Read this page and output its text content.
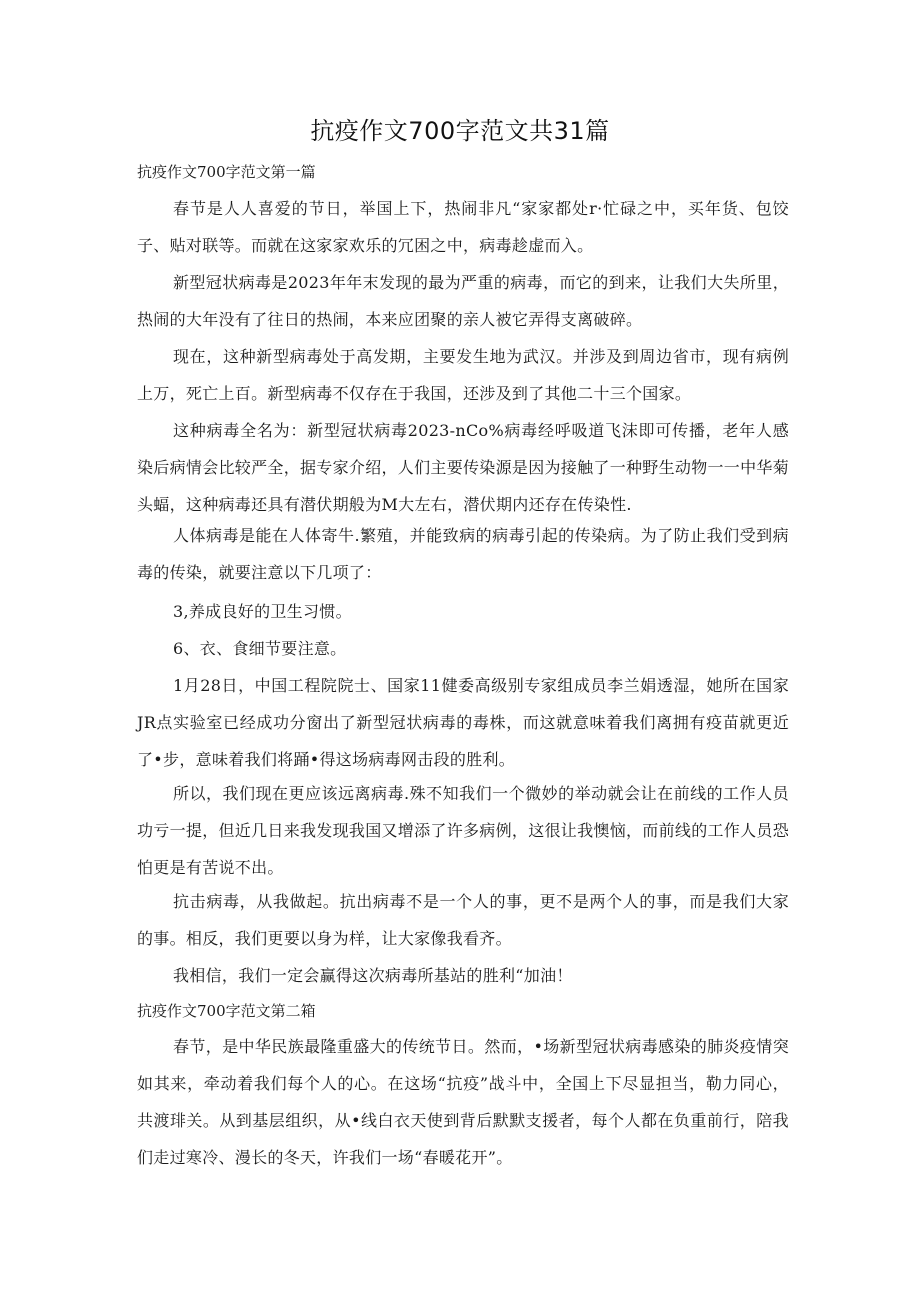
抗疫作文700字范文共31篇
抗疫作文700字范文第一篇
春节是人人喜爱的节日，举国上下，热闹非凡“家家都处r·忙碌之中，买年货、包饺子、贴对联等。而就在这家家欢乐的冗困之中，病毒趁虚而入。
新型冠状病毒是2023年年末发现的最为严重的病毒，而它的到来，让我们大失所里，热闹的大年没有了往日的热闹，本来应团聚的亲人被它弄得支离破碎。
现在，这种新型病毒处于高发期，主要发生地为武汉。并涉及到周边省市，现有病例上万，死亡上百。新型病毒不仅存在于我国，还涉及到了其他二十三个国家。
这种病毒全名为：新型冠状病毒2023-nCo%病毒经呼吸道飞沫即可传播，老年人感染后病情会比较严全，据专家介绍，人们主要传染源是因为接触了一种野生动物一一中华菊头蝠，这种病毒还具有潜伏期般为M大左右，潜伏期内还存在传染性.
人体病毒是能在人体寄牛.繁殖，并能致病的病毒引起的传染病。为了防止我们受到病毒的传染，就要注意以下几项了：
3,养成良好的卫生习惯。
6、衣、食细节要注意。
1月28日，中国工程院院士、国家11健委高级别专家组成员李兰娟透湿，她所在国家JR点实验室已经成功分窗出了新型冠状病毒的毒株，而这就意味着我们离拥有疫苗就更近了•步，意味着我们将踊•得这场病毒网击段的胜利。
所以，我们现在更应该远离病毒.殊不知我们一个微妙的举动就会让在前线的工作人员功亏一提，但近几日来我发现我国又增添了许多病例，这很让我懊恼，而前线的工作人员恐怕更是有苦说不出。
抗击病毒，从我做起。抗出病毒不是一个人的事，更不是两个人的事，而是我们大家的事。相反，我们更要以身为样，让大家像我看齐。
我相信，我们一定会赢得这次病毒所基站的胜利“加油！
抗疫作文700字范文第二箱
春节，是中华民族最隆重盛大的传统节日。然而，•场新型冠状病毒感染的肺炎疫情突如其来，牵动着我们每个人的心。在这场“抗疫”战斗中，全国上下尽显担当，勒力同心，共渡琲关。从到基层组织，从•线白衣天使到背后默默支援者，每个人都在负重前行，陪我们走过寒冷、漫长的冬天，许我们一场“春暖花开”。
